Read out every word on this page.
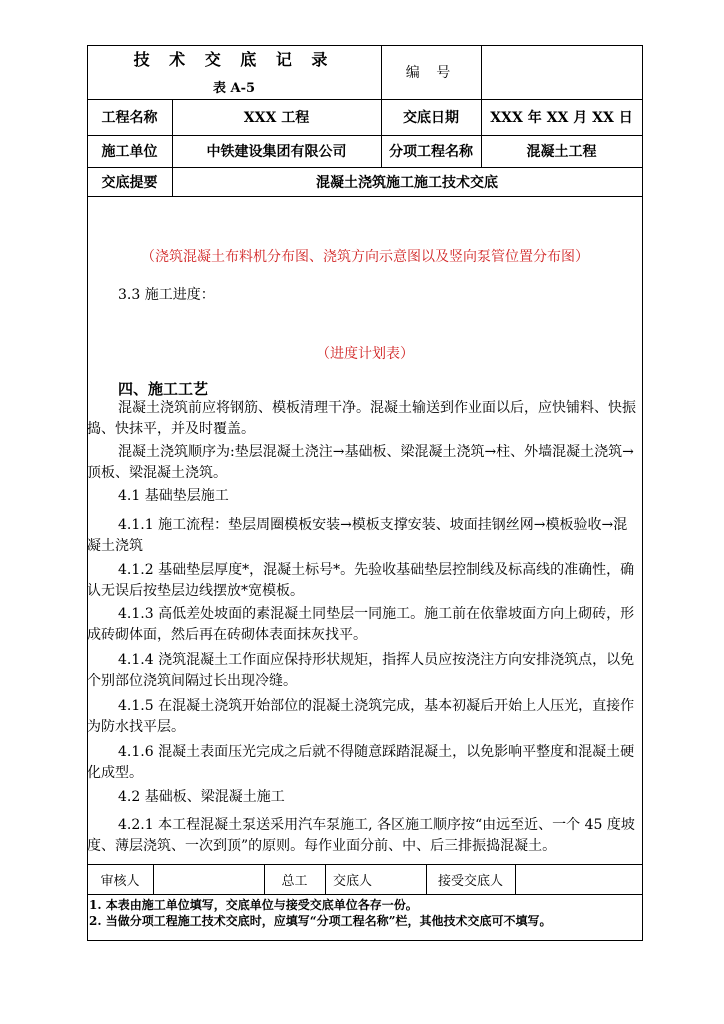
技 术 交 底 记 录
表 A-5
编 号
工程名称	XXX 工程	交底日期	XXX 年 XX 月 XX 日
施工单位	中铁建设集团有限公司	分项工程名称	混凝土工程
交底提要	混凝土浇筑施工施工技术交底
（浇筑混凝土布料机分布图、浇筑方向示意图以及竖向泵管位置分布图）
3.3 施工进度：
（进度计划表）
四、施工工艺
混凝土浇筑前应将钢筋、模板清理干净。混凝土输送到作业面以后，应快铺料、快振捣、快抹平，并及时覆盖。
混凝土浇筑顺序为:垫层混凝土浇注→基础板、梁混凝土浇筑→柱、外墙混凝土浇筑→顶板、梁混凝土浇筑。
4.1 基础垫层施工
4.1.1 施工流程：垫层周圈模板安装→模板支撑安装、坡面挂钢丝网→模板验收→混凝土浇筑
4.1.2 基础垫层厚度*，混凝土标号*。先验收基础垫层控制线及标高线的准确性，确认无误后按垫层边线摆放*宽模板。
4.1.3 高低差处坡面的素混凝土同垫层一同施工。施工前在依靠坡面方向上砌砖，形成砖砌体面，然后再在砖砌体表面抹灰找平。
4.1.4 浇筑混凝土工作面应保持形状规矩，指挥人员应按浇注方向安排浇筑点，以免个别部位浇筑间隔过长出现冷缝。
4.1.5 在混凝土浇筑开始部位的混凝土浇筑完成，基本初凝后开始上人压光，直接作为防水找平层。
4.1.6 混凝土表面压光完成之后就不得随意踩踏混凝土，以免影响平整度和混凝土硬化成型。
4.2 基础板、梁混凝土施工
4.2.1 本工程混凝土泵送采用汽车泵施工, 各区施工顺序按“由远至近、一个 45 度坡度、薄层浇筑、一次到顶”的原则。每作业面分前、中、后三排振捣混凝土。
审核人	总工	交底人	接受交底人
1. 本表由施工单位填写，交底单位与接受交底单位各存一份。
2. 当做分项工程施工技术交底时，应填写“分项工程名称”栏，其他技术交底可不填写。
